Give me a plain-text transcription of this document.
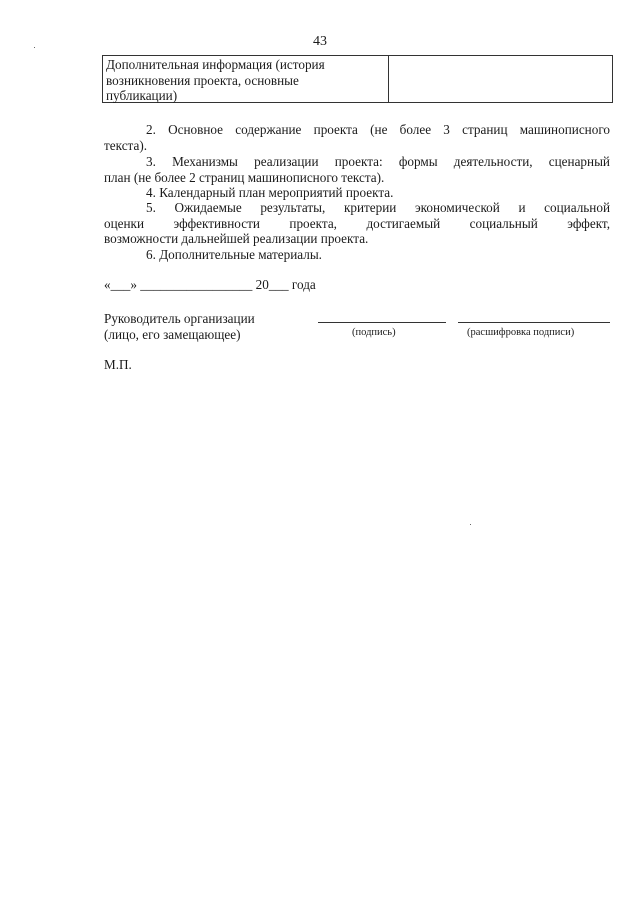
43
Дополнительная информация (история
возникновения проекта, основные
публикации)
2. Основное содержание проекта (не более 3 страниц машинописного
текста).
3. Механизмы реализации проекта: формы деятельности, сценарный
план (не более 2 страниц машинописного текста).
4. Календарный план мероприятий проекта.
5. Ожидаемые результаты, критерии экономической и социальной
оценки эффективности проекта, достигаемый социальный эффект,
возможности дальнейшей реализации проекта.
6. Дополнительные материалы.
«___» _________________ 20___ года
Руководитель организации
(лицо, его замещающее)	(подпись)	(расшифровка подписи)
М.П.
